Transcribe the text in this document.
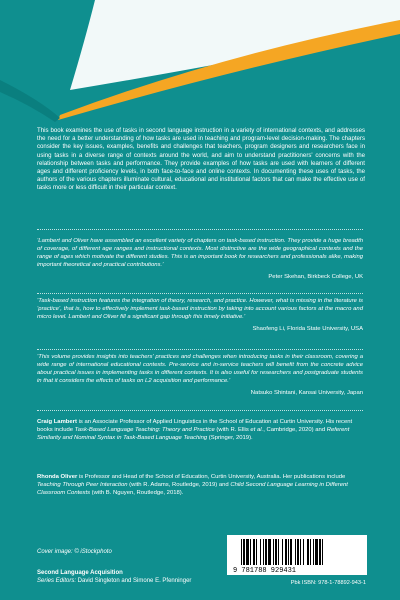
This book examines the use of tasks in second language instruction in a variety of international contexts, and addresses the need for a better understanding of how tasks are used in teaching and program-level decision-making. The chapters consider the key issues, examples, benefits and challenges that teachers, program designers and researchers face in using tasks in a diverse range of contexts around the world, and aim to understand practitioners' concerns with the relationship between tasks and performance. They provide examples of how tasks are used with learners of different ages and different proficiency levels, in both face-to-face and online contexts. In documenting these uses of tasks, the authors of the various chapters illuminate cultural, educational and institutional factors that can make the effective use of tasks more or less difficult in their particular context.

‘Lambert and Oliver have assembled an excellent variety of chapters on task-based instruction. They provide a huge breadth of coverage, of different age ranges and instructional contexts. Most distinctive are the wide geographical contexts and the range of ages which motivate the different studies. This is an important book for researchers and professionals alike, making important theoretical and practical contributions.’

Peter Skehan, Birkbeck College, UK

‘Task-based instruction features the integration of theory, research, and practice. However, what is missing in the literature is ‘practice’, that is, how to effectively implement task-based instruction by taking into account various factors at the macro and micro level. Lambert and Oliver fill a significant gap through this timely initiative.’

Shaofeng Li, Florida State University, USA

‘This volume provides insights into teachers’ practices and challenges when introducing tasks in their classroom, covering a wide range of international educational contexts. Pre-service and in-service teachers will benefit from the concrete advice about practical issues in implementing tasks in different contexts. It is also useful for researchers and postgraduate students in that it considers the effects of tasks on L2 acquisition and performance.’

Natsuko Shintani, Kansai University, Japan

Craig Lambert is an Associate Professor of Applied Linguistics in the School of Education at Curtin University. His recent books include Task-Based Language Teaching: Theory and Practice (with R. Ellis et al., Cambridge, 2020) and Referent Similarity and Nominal Syntax in Task-Based Language Teaching (Springer, 2019).

Rhonda Oliver is Professor and Head of the School of Education, Curtin University, Australia. Her publications include Teaching Through Peer Interaction (with R. Adams, Routledge, 2019) and Child Second Language Learning in Different Classroom Contexts (with B. Nguyen, Routledge, 2018).

Cover image: © iStockphoto
Second Language Acquisition
Series Editors: David Singleton and Simone E. Pfenninger
9 781788 929431
Pbk ISBN: 978-1-78892-943-1
